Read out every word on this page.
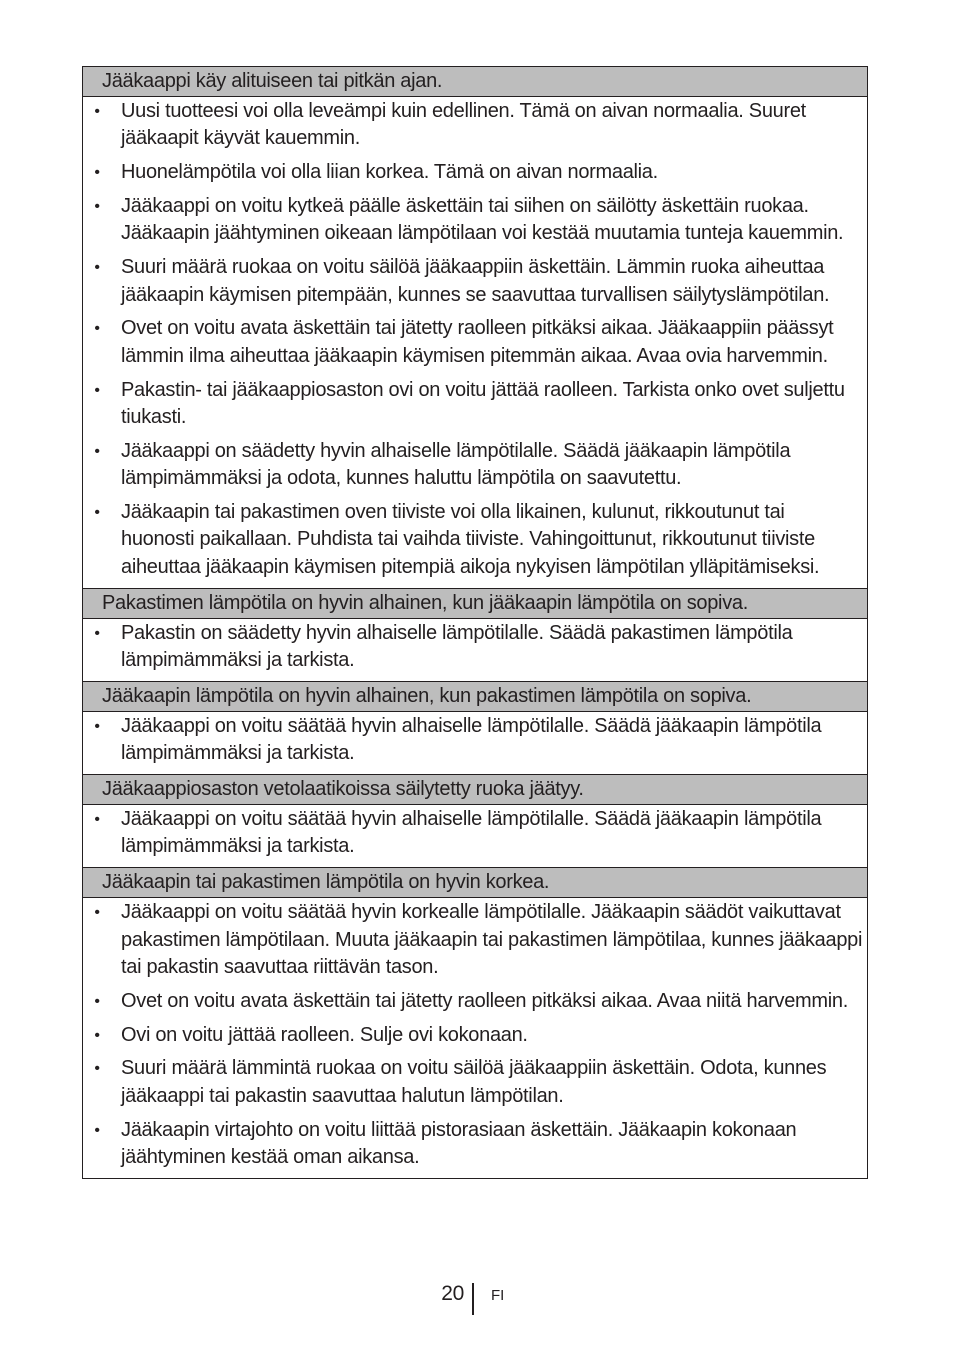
Jääkaappi käy alituiseen tai pitkän ajan.
•	Uusi tuotteesi voi olla leveämpi kuin edellinen. Tämä on aivan normaalia. Suuret jääkaapit käyvät kauemmin.
•	Huonelämpötila voi olla liian korkea. Tämä on aivan normaalia.
•	Jääkaappi on voitu kytkeä päälle äskettäin tai siihen on säilötty äskettäin ruokaa. Jääkaapin jäähtyminen oikeaan lämpötilaan voi kestää muutamia tunteja kauemmin.
•	Suuri määrä ruokaa on voitu säilöä jääkaappiin äskettäin. Lämmin ruoka aiheuttaa jääkaapin käymisen pitempään, kunnes se saavuttaa turvallisen säilytyslämpötilan.
•	Ovet on voitu avata äskettäin tai jätetty raolleen pitkäksi aikaa. Jääkaappiin päässyt lämmin ilma aiheuttaa jääkaapin käymisen pitemmän aikaa. Avaa ovia harvemmin.
•	Pakastin- tai jääkaappiosaston ovi on voitu jättää raolleen. Tarkista onko ovet suljettu tiukasti.
•	Jääkaappi on säädetty hyvin alhaiselle lämpötilalle. Säädä jääkaapin lämpötila lämpimämmäksi ja odota, kunnes haluttu lämpötila on saavutettu.
•	Jääkaapin tai pakastimen oven tiiviste voi olla likainen, kulunut, rikkoutunut tai huonosti paikallaan. Puhdista tai vaihda tiiviste. Vahingoittunut, rikkoutunut tiiviste aiheuttaa jääkaapin käymisen pitempiä aikoja nykyisen lämpötilan ylläpitämiseksi.
Pakastimen lämpötila on hyvin alhainen, kun jääkaapin lämpötila on sopiva.
•	Pakastin on säädetty hyvin alhaiselle lämpötilalle. Säädä pakastimen lämpötila lämpimämmäksi ja tarkista.
Jääkaapin lämpötila on hyvin alhainen, kun pakastimen lämpötila on sopiva.
•	Jääkaappi on voitu säätää hyvin alhaiselle lämpötilalle. Säädä jääkaapin lämpötila lämpimämmäksi ja tarkista.
Jääkaappiosaston vetolaatikoissa säilytetty ruoka jäätyy.
•	Jääkaappi on voitu säätää hyvin alhaiselle lämpötilalle. Säädä jääkaapin lämpötila lämpimämmäksi ja tarkista.
Jääkaapin tai pakastimen lämpötila on hyvin korkea.
•	Jääkaappi on voitu säätää hyvin korkealle lämpötilalle. Jääkaapin säädöt vaikuttavat pakastimen lämpötilaan. Muuta jääkaapin tai pakastimen lämpötilaa, kunnes jääkaappi tai pakastin saavuttaa riittävän tason.
•	Ovet on voitu avata äskettäin tai jätetty raolleen pitkäksi aikaa. Avaa niitä harvemmin.
•	Ovi on voitu jättää raolleen. Sulje ovi kokonaan.
•	Suuri määrä lämmintä ruokaa on voitu säilöä jääkaappiin äskettäin. Odota, kunnes jääkaappi tai pakastin saavuttaa halutun lämpötilan.
•	Jääkaapin virtajohto on voitu liittää pistorasiaan äskettäin. Jääkaapin kokonaan jäähtyminen kestää oman aikansa.
20 FI
